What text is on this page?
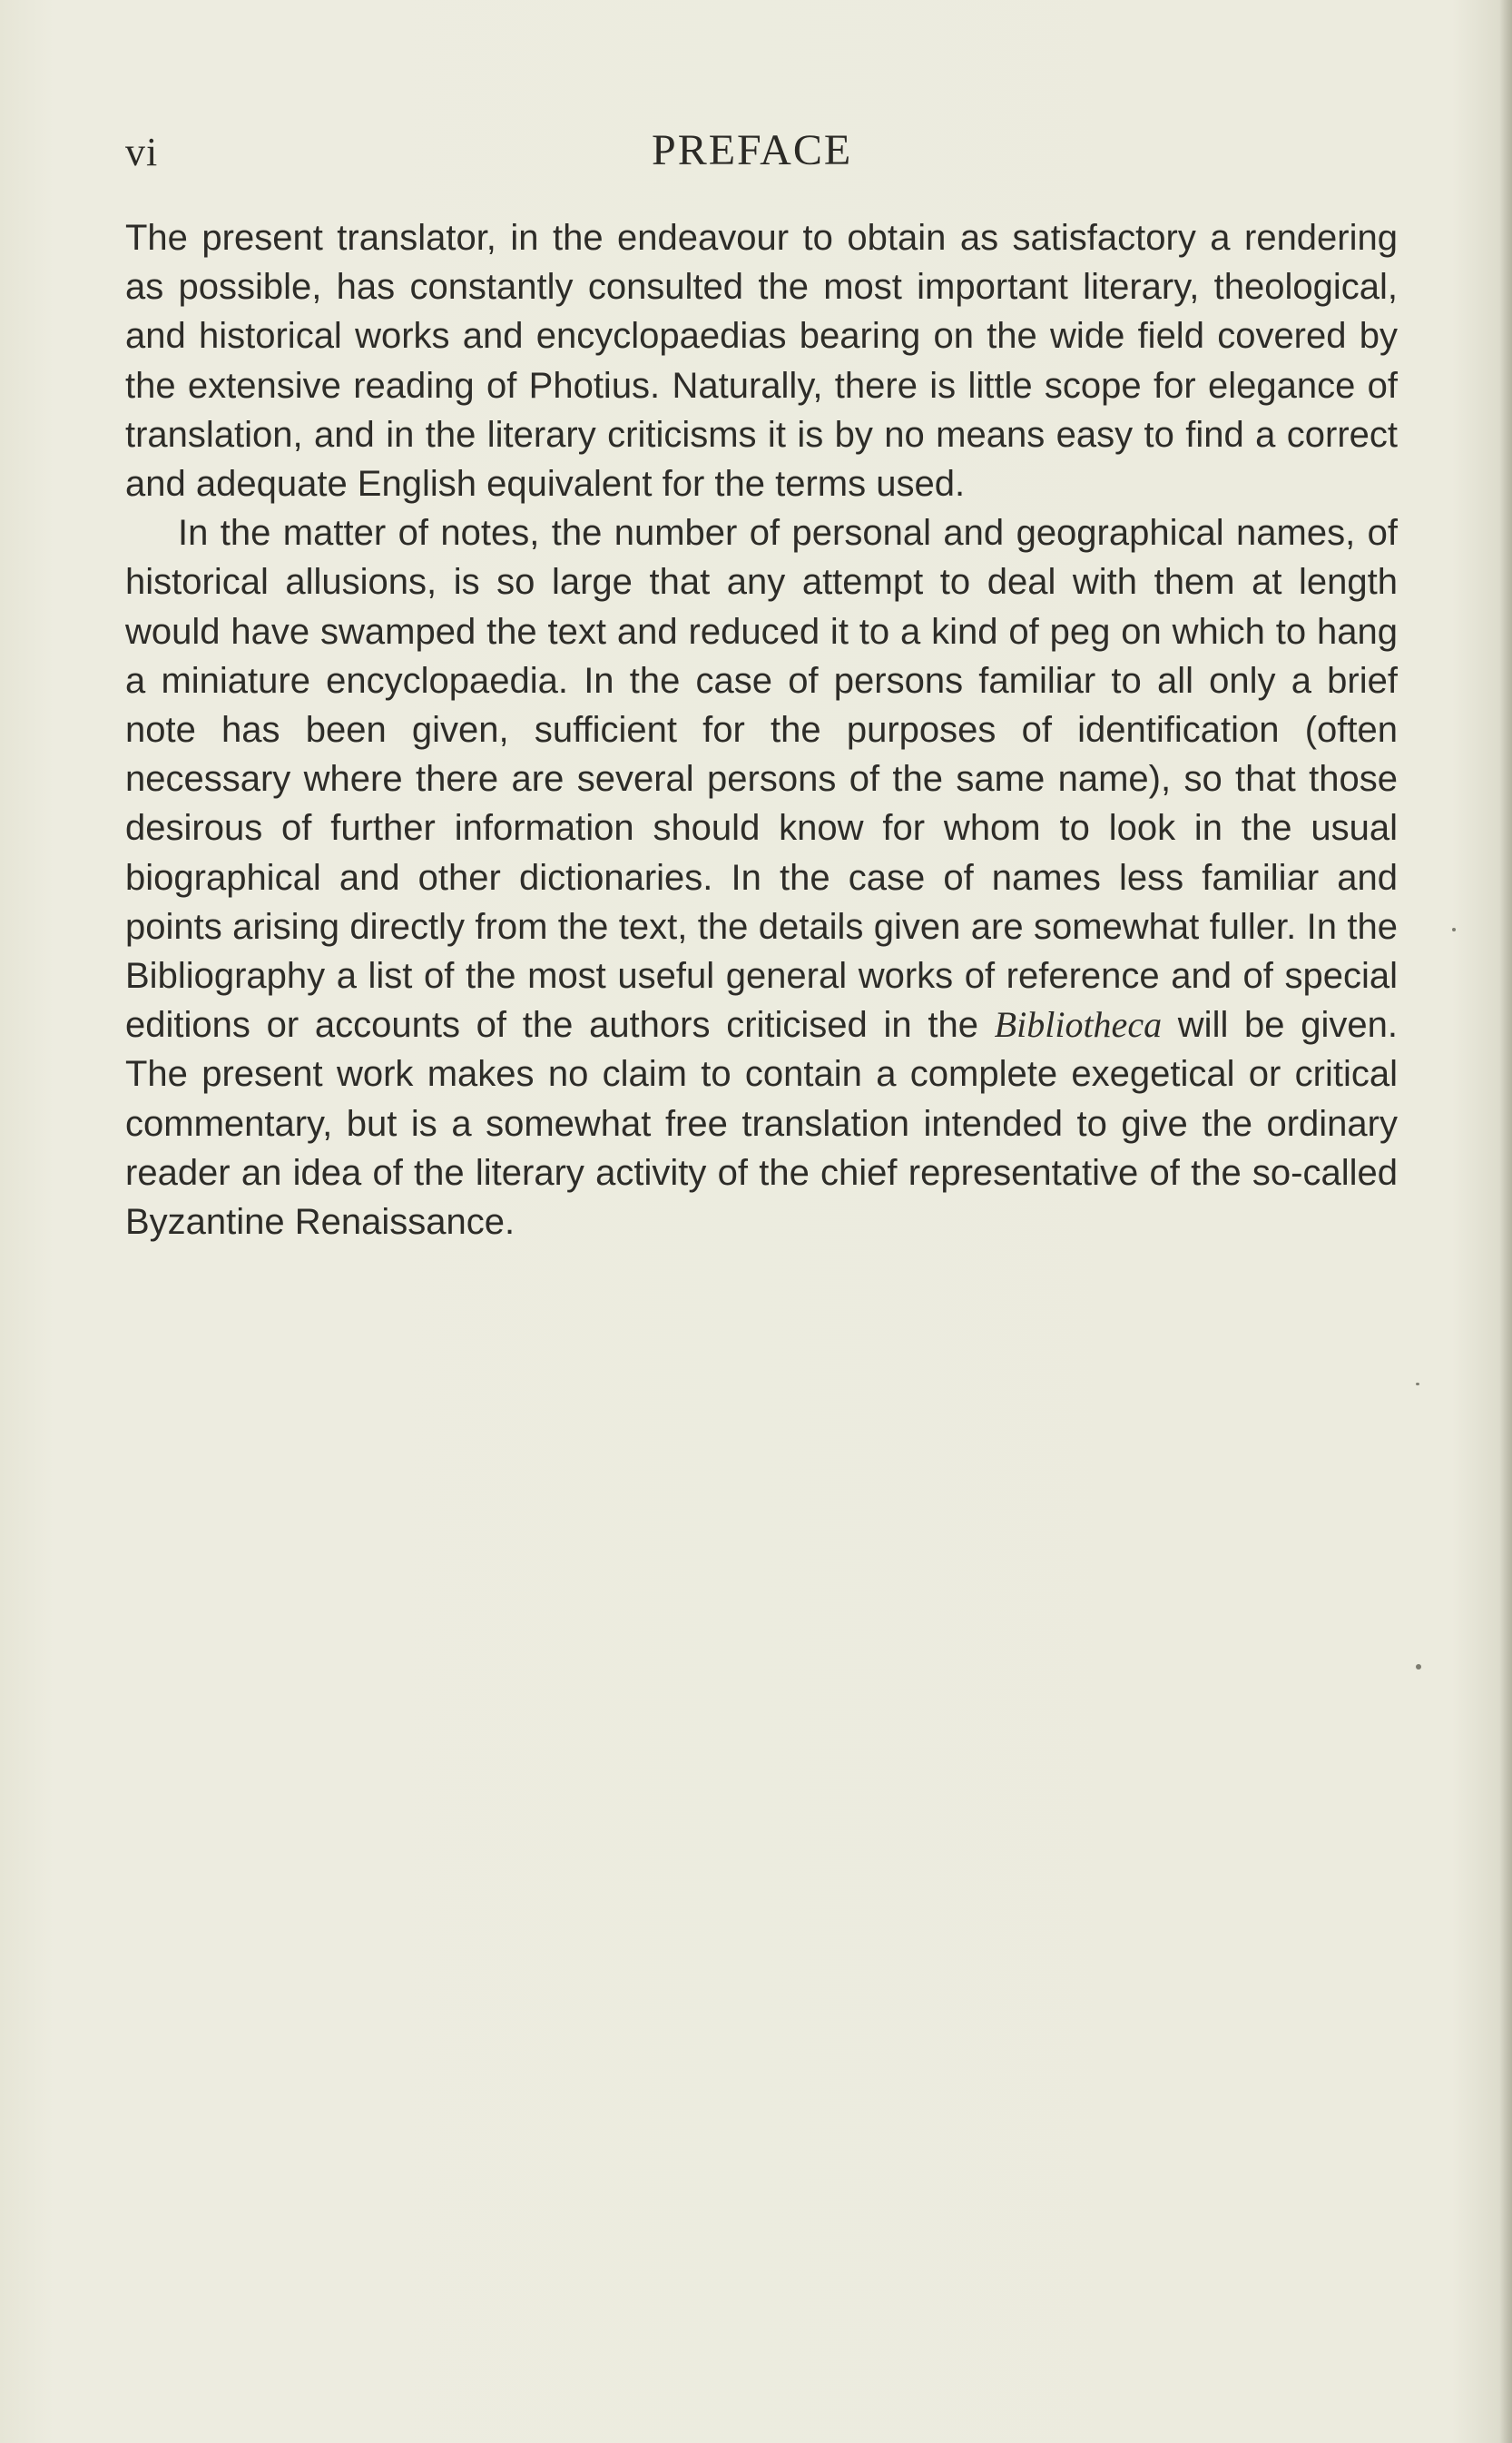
vi	PREFACE

The present translator, in the endeavour to obtain as satisfactory a rendering as possible, has constantly consulted the most important literary, theological, and historical works and encyclopaedias bearing on the wide field covered by the extensive reading of Photius. Naturally, there is little scope for elegance of translation, and in the literary criticisms it is by no means easy to find a correct and adequate English equivalent for the terms used.

In the matter of notes, the number of personal and geographical names, of historical allusions, is so large that any attempt to deal with them at length would have swamped the text and reduced it to a kind of peg on which to hang a miniature encyclopaedia. In the case of persons familiar to all only a brief note has been given, sufficient for the purposes of identification (often necessary where there are several persons of the same name), so that those desirous of further information should know for whom to look in the usual biographical and other dictionaries. In the case of names less familiar and points arising directly from the text, the details given are somewhat fuller. In the Bibliography a list of the most useful general works of reference and of special editions or accounts of the authors criticised in the Bibliotheca will be given. The present work makes no claim to contain a complete exegetical or critical commentary, but is a somewhat free translation intended to give the ordinary reader an idea of the literary activity of the chief representative of the so-called Byzantine Renaissance.
